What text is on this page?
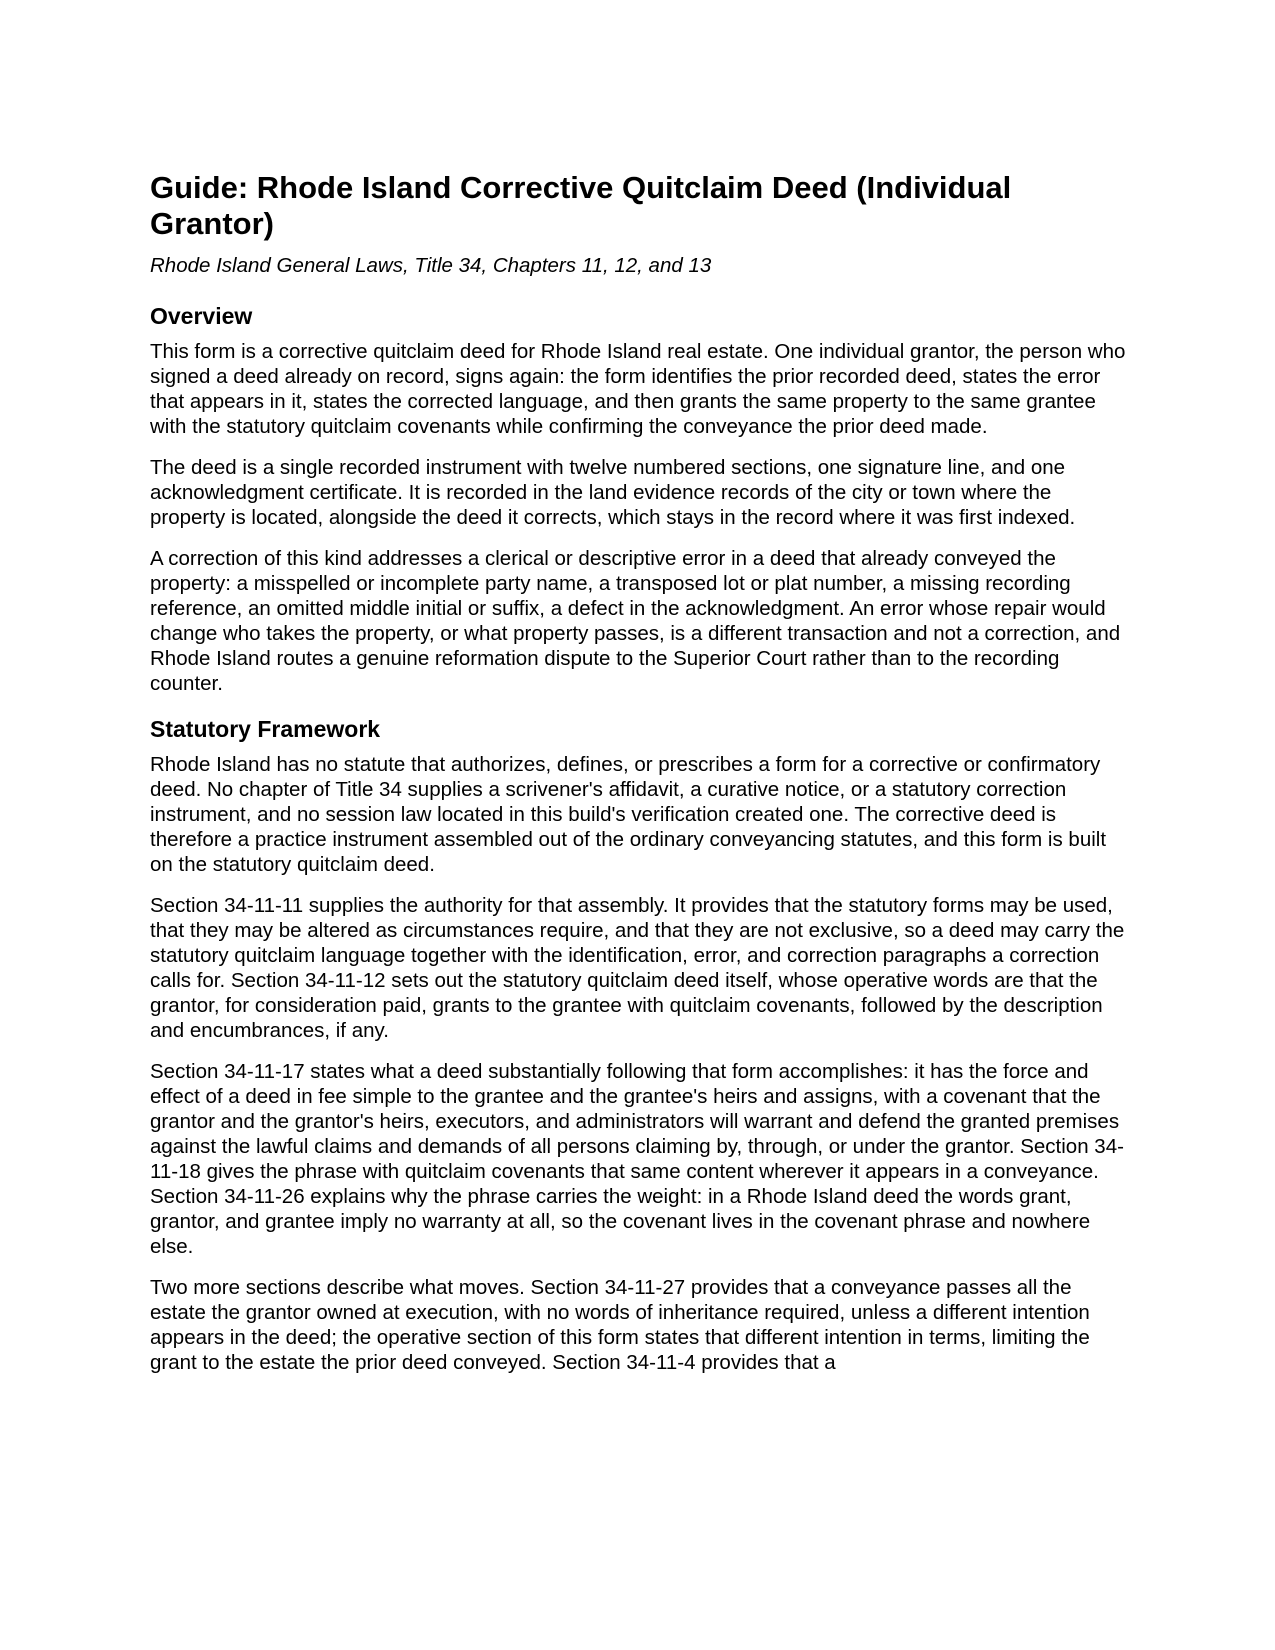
Guide: Rhode Island Corrective Quitclaim Deed (Individual Grantor)

Rhode Island General Laws, Title 34, Chapters 11, 12, and 13

Overview

This form is a corrective quitclaim deed for Rhode Island real estate. One individual grantor, the person who signed a deed already on record, signs again: the form identifies the prior recorded deed, states the error that appears in it, states the corrected language, and then grants the same property to the same grantee with the statutory quitclaim covenants while confirming the conveyance the prior deed made.

The deed is a single recorded instrument with twelve numbered sections, one signature line, and one acknowledgment certificate. It is recorded in the land evidence records of the city or town where the property is located, alongside the deed it corrects, which stays in the record where it was first indexed.

A correction of this kind addresses a clerical or descriptive error in a deed that already conveyed the property: a misspelled or incomplete party name, a transposed lot or plat number, a missing recording reference, an omitted middle initial or suffix, a defect in the acknowledgment. An error whose repair would change who takes the property, or what property passes, is a different transaction and not a correction, and Rhode Island routes a genuine reformation dispute to the Superior Court rather than to the recording counter.

Statutory Framework

Rhode Island has no statute that authorizes, defines, or prescribes a form for a corrective or confirmatory deed. No chapter of Title 34 supplies a scrivener's affidavit, a curative notice, or a statutory correction instrument, and no session law located in this build's verification created one. The corrective deed is therefore a practice instrument assembled out of the ordinary conveyancing statutes, and this form is built on the statutory quitclaim deed.

Section 34-11-11 supplies the authority for that assembly. It provides that the statutory forms may be used, that they may be altered as circumstances require, and that they are not exclusive, so a deed may carry the statutory quitclaim language together with the identification, error, and correction paragraphs a correction calls for. Section 34-11-12 sets out the statutory quitclaim deed itself, whose operative words are that the grantor, for consideration paid, grants to the grantee with quitclaim covenants, followed by the description and encumbrances, if any.

Section 34-11-17 states what a deed substantially following that form accomplishes: it has the force and effect of a deed in fee simple to the grantee and the grantee's heirs and assigns, with a covenant that the grantor and the grantor's heirs, executors, and administrators will warrant and defend the granted premises against the lawful claims and demands of all persons claiming by, through, or under the grantor. Section 34-11-18 gives the phrase with quitclaim covenants that same content wherever it appears in a conveyance. Section 34-11-26 explains why the phrase carries the weight: in a Rhode Island deed the words grant, grantor, and grantee imply no warranty at all, so the covenant lives in the covenant phrase and nowhere else.

Two more sections describe what moves. Section 34-11-27 provides that a conveyance passes all the estate the grantor owned at execution, with no words of inheritance required, unless a different intention appears in the deed; the operative section of this form states that different intention in terms, limiting the grant to the estate the prior deed conveyed. Section 34-11-4 provides that a
